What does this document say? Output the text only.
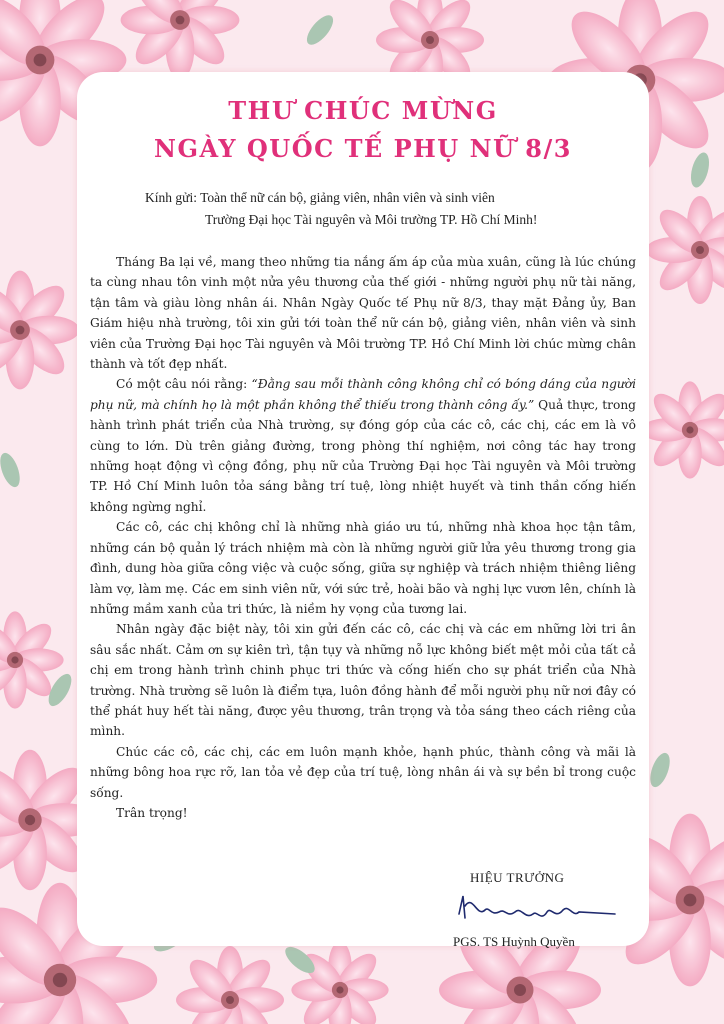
THƯ CHÚC MỪNG
NGÀY QUỐC TẾ PHỤ NỮ 8/3
Kính gửi: Toàn thể nữ cán bộ, giảng viên, nhân viên và sinh viên
Trường Đại học Tài nguyên và Môi trường TP. Hồ Chí Minh!

Tháng Ba lại về, mang theo những tia nắng ấm áp của mùa xuân, cũng là lúc chúng ta cùng nhau tôn vinh một nửa yêu thương của thế giới - những người phụ nữ tài năng, tận tâm và giàu lòng nhân ái. Nhân Ngày Quốc tế Phụ nữ 8/3, thay mặt Đảng ủy, Ban Giám hiệu nhà trường, tôi xin gửi tới toàn thể nữ cán bộ, giảng viên, nhân viên và sinh viên của Trường Đại học Tài nguyên và Môi trường TP. Hồ Chí Minh lời chúc mừng chân thành và tốt đẹp nhất.

Có một câu nói rằng: “Đằng sau mỗi thành công không chỉ có bóng dáng của người phụ nữ, mà chính họ là một phần không thể thiếu trong thành công ấy.” Quả thực, trong hành trình phát triển của Nhà trường, sự đóng góp của các cô, các chị, các em là vô cùng to lớn. Dù trên giảng đường, trong phòng thí nghiệm, nơi công tác hay trong những hoạt động vì cộng đồng, phụ nữ của Trường Đại học Tài nguyên và Môi trường TP. Hồ Chí Minh luôn tỏa sáng bằng trí tuệ, lòng nhiệt huyết và tinh thần cống hiến không ngừng nghỉ.

Các cô, các chị không chỉ là những nhà giáo ưu tú, những nhà khoa học tận tâm, những cán bộ quản lý trách nhiệm mà còn là những người giữ lửa yêu thương trong gia đình, dung hòa giữa công việc và cuộc sống, giữa sự nghiệp và trách nhiệm thiêng liêng làm vợ, làm mẹ. Các em sinh viên nữ, với sức trẻ, hoài bão và nghị lực vươn lên, chính là những mầm xanh của tri thức, là niềm hy vọng của tương lai.

Nhân ngày đặc biệt này, tôi xin gửi đến các cô, các chị và các em những lời tri ân sâu sắc nhất. Cảm ơn sự kiên trì, tận tụy và những nỗ lực không biết mệt mỏi của tất cả chị em trong hành trình chinh phục tri thức và cống hiến cho sự phát triển của Nhà trường. Nhà trường sẽ luôn là điểm tựa, luôn đồng hành để mỗi người phụ nữ nơi đây có thể phát huy hết tài năng, được yêu thương, trân trọng và tỏa sáng theo cách riêng của mình.

Chúc các cô, các chị, các em luôn mạnh khỏe, hạnh phúc, thành công và mãi là những bông hoa rực rỡ, lan tỏa vẻ đẹp của trí tuệ, lòng nhân ái và sự bền bỉ trong cuộc sống.

Trân trọng!

HIỆU TRƯỞNG
PGS. TS Huỳnh Quyền
